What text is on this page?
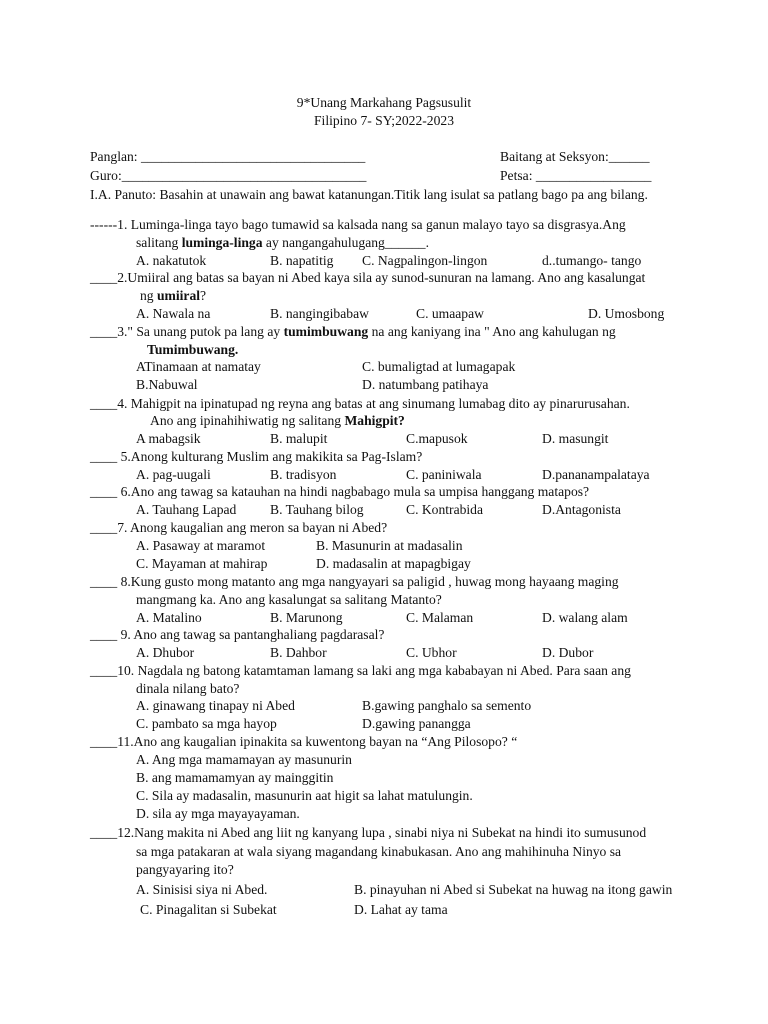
9*Unang Markahang Pagsusulit
Filipino 7- SY;2022-2023
Panglan: _________________________________	Baitang at Seksyon:______
Guro:____________________________________	Petsa: _________________
I.A. Panuto: Basahin at unawain ang bawat katanungan.Titik lang isulat sa patlang bago pa ang bilang.
------1. Luminga-linga tayo bago tumawid sa kalsada nang sa ganun malayo tayo sa disgrasya.Ang
salitang luminga-linga ay nangangahulugang______.
A. nakatutok	B. napatitig C. Nagpalingon-lingon	d..tumango- tango
____2.Umiiral ang batas sa bayan ni Abed kaya sila ay sunod-sunuran na lamang. Ano ang kasalungat
ng umiiral?
A. Nawala na	B. nangingibabaw	C. umaapaw	D. Umosbong
____3." Sa unang putok pa lang ay tumimbuwang na ang kaniyang ina " Ano ang kahulugan ng
Tumimbuwang.
ATinamaan at namatay	C. bumaligtad at lumagapak
B.Nabuwal	D. natumbang patihaya
____4. Mahigpit na ipinatupad ng reyna ang batas at ang sinumang lumabag dito ay pinarurusahan.
Ano ang ipinahihiwatig ng salitang Mahigpit?
A mabagsik	B. malupit	C.mapusok	D. masungit
____ 5.Anong kulturang Muslim ang makikita sa Pag-Islam?
A. pag-uugali	B. tradisyon	C. paniniwala	D.pananampalataya
____ 6.Ano ang tawag sa katauhan na hindi nagbabago mula sa umpisa hanggang matapos?
A. Tauhang Lapad B. Tauhang bilog	C. Kontrabida	D.Antagonista
____7. Anong kaugalian ang meron sa bayan ni Abed?
A. Pasaway at maramot	B. Masunurin at madasalin
C. Mayaman at mahirap	D. madasalin at mapagbigay
____ 8.Kung gusto mong matanto ang mga nangyayari sa paligid , huwag mong hayaang maging
mangmang ka. Ano ang kasalungat sa salitang Matanto?
A. Matalino	B. Marunong	C. Malaman	D. walang alam
____ 9. Ano ang tawag sa pantanghaliang pagdarasal?
A. Dhubor	B. Dahbor	C. Ubhor	D. Dubor
____10. Nagdala ng batong katamtaman lamang sa laki ang mga kababayan ni Abed. Para saan ang
dinala nilang bato?
A. ginawang tinapay ni Abed	B.gawing panghalo sa semento
C. pambato sa mga hayop	D.gawing panangga
____11.Ano ang kaugalian ipinakita sa kuwentong bayan na “Ang Pilosopo? “
A. Ang mga mamamayan ay masunurin
B. ang mamamamyan ay mainggitin
C. Sila ay madasalin, masunurin aat higit sa lahat matulungin.
D. sila ay mga mayayayaman.
____12.Nang makita ni Abed ang liit ng kanyang lupa , sinabi niya ni Subekat na hindi ito sumusunod
sa mga patakaran at wala siyang magandang kinabukasan. Ano ang mahihinuha Ninyo sa
pangyayaring ito?
A. Sinisisi siya ni Abed.	B. pinayuhan ni Abed si Subekat na huwag na itong gawin
C. Pinagalitan si Subekat	D. Lahat ay tama
